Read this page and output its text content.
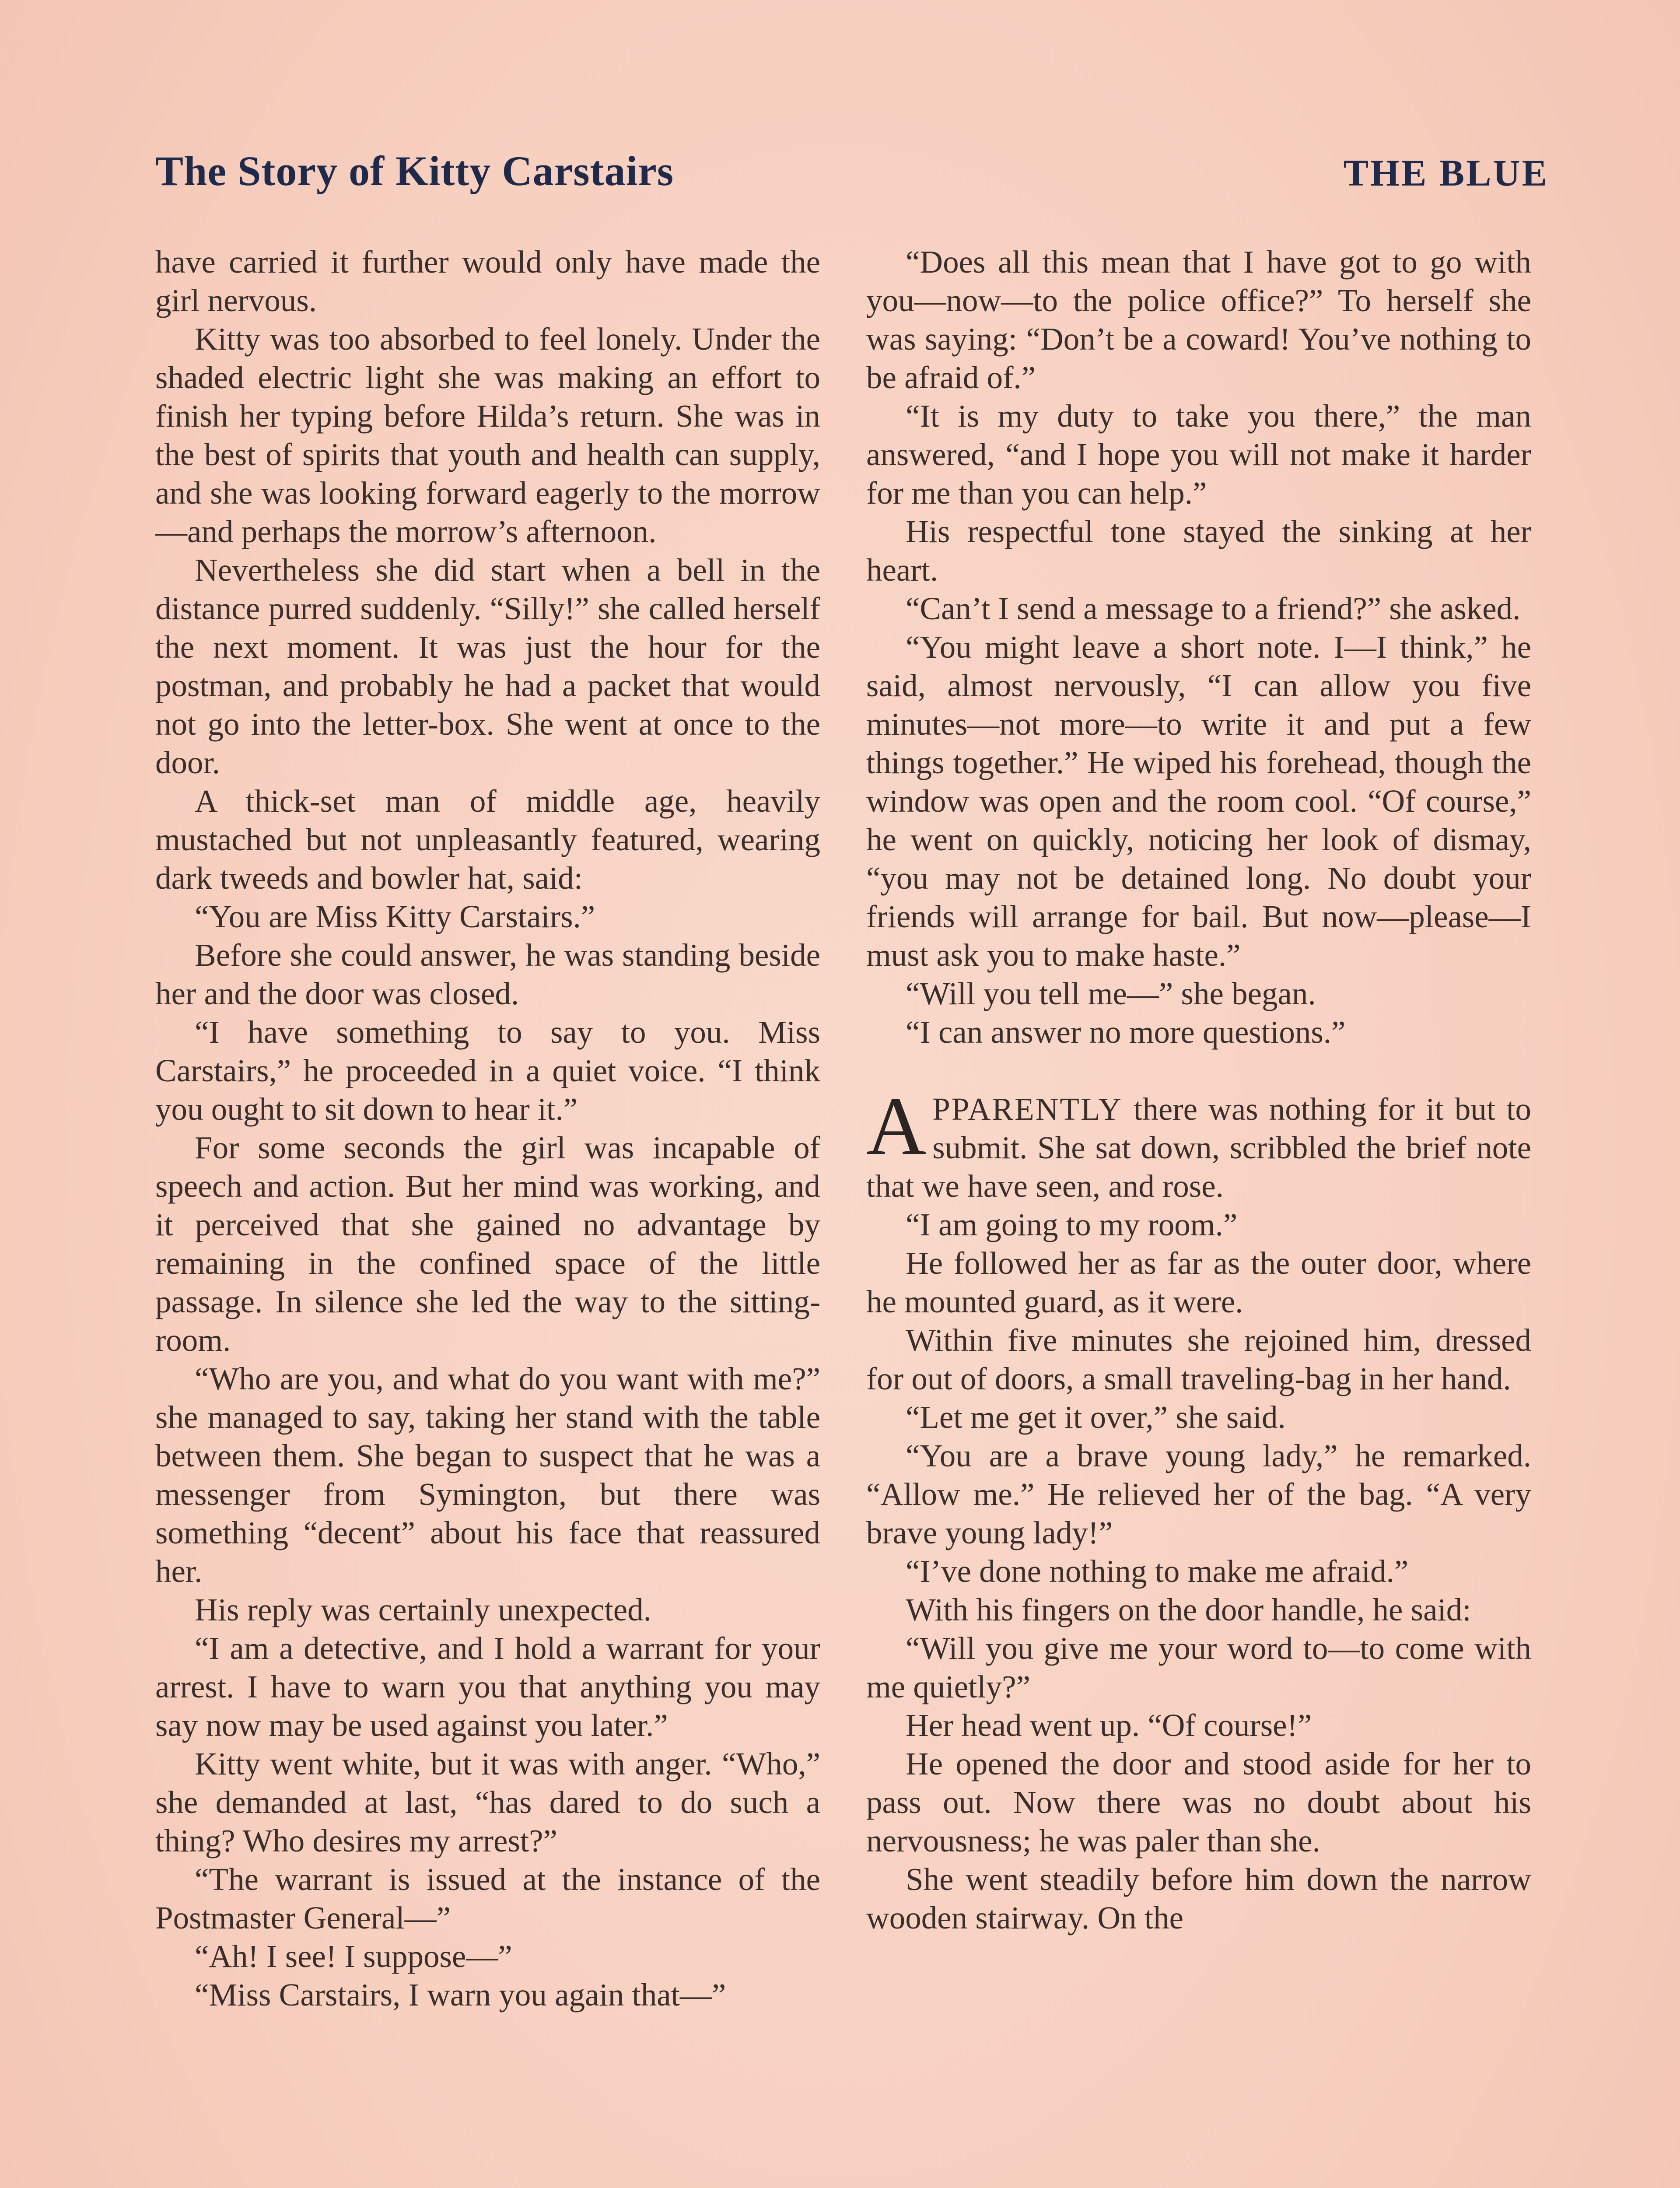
The Story of Kitty Carstairs	THE BLUE

have carried it further would only have made the girl nervous.

Kitty was too absorbed to feel lonely. Under the shaded electric light she was making an effort to finish her typing before Hilda’s return. She was in the best of spirits that youth and health can supply, and she was looking forward eagerly to the morrow—and perhaps the morrow’s afternoon.

Nevertheless she did start when a bell in the distance purred suddenly. “Silly!” she called herself the next moment. It was just the hour for the postman, and probably he had a packet that would not go into the letter-box. She went at once to the door.

A thick-set man of middle age, heavily mustached but not unpleasantly featured, wearing dark tweeds and bowler hat, said:

“You are Miss Kitty Carstairs.”

Before she could answer, he was standing beside her and the door was closed.

“I have something to say to you. Miss Carstairs,” he proceeded in a quiet voice. “I think you ought to sit down to hear it.”

For some seconds the girl was incapable of speech and action. But her mind was working, and it perceived that she gained no advantage by remaining in the confined space of the little passage. In silence she led the way to the sitting-room.

“Who are you, and what do you want with me?” she managed to say, taking her stand with the table between them. She began to suspect that he was a messenger from Symington, but there was something “decent” about his face that reassured her.

His reply was certainly unexpected.

“I am a detective, and I hold a warrant for your arrest. I have to warn you that anything you may say now may be used against you later.”

Kitty went white, but it was with anger. “Who,” she demanded at last, “has dared to do such a thing? Who desires my arrest?”

“The warrant is issued at the instance of the Postmaster General—”

“Ah! I see! I suppose—”

“Miss Carstairs, I warn you again that—”

“Does all this mean that I have got to go with you—now—to the police office?” To herself she was saying: “Don’t be a coward! You’ve nothing to be afraid of.”

“It is my duty to take you there,” the man answered, “and I hope you will not make it harder for me than you can help.”

His respectful tone stayed the sinking at her heart.

“Can’t I send a message to a friend?” she asked.

“You might leave a short note. I—I think,” he said, almost nervously, “I can allow you five minutes—not more—to write it and put a few things together.” He wiped his forehead, though the window was open and the room cool. “Of course,” he went on quickly, noticing her look of dismay, “you may not be detained long. No doubt your friends will arrange for bail. But now—please—I must ask you to make haste.”

“Will you tell me—” she began.

“I can answer no more questions.”

APPARENTLY there was nothing for it but to submit. She sat down, scribbled the brief note that we have seen, and rose.

“I am going to my room.”

He followed her as far as the outer door, where he mounted guard, as it were.

Within five minutes she rejoined him, dressed for out of doors, a small traveling-bag in her hand.

“Let me get it over,” she said.

“You are a brave young lady,” he remarked. “Allow me.” He relieved her of the bag. “A very brave young lady!”

“I’ve done nothing to make me afraid.”

With his fingers on the door handle, he said:

“Will you give me your word to—to come with me quietly?”

Her head went up. “Of course!”

He opened the door and stood aside for her to pass out. Now there was no doubt about his nervousness; he was paler than she.

She went steadily before him down the narrow wooden stairway. On the
